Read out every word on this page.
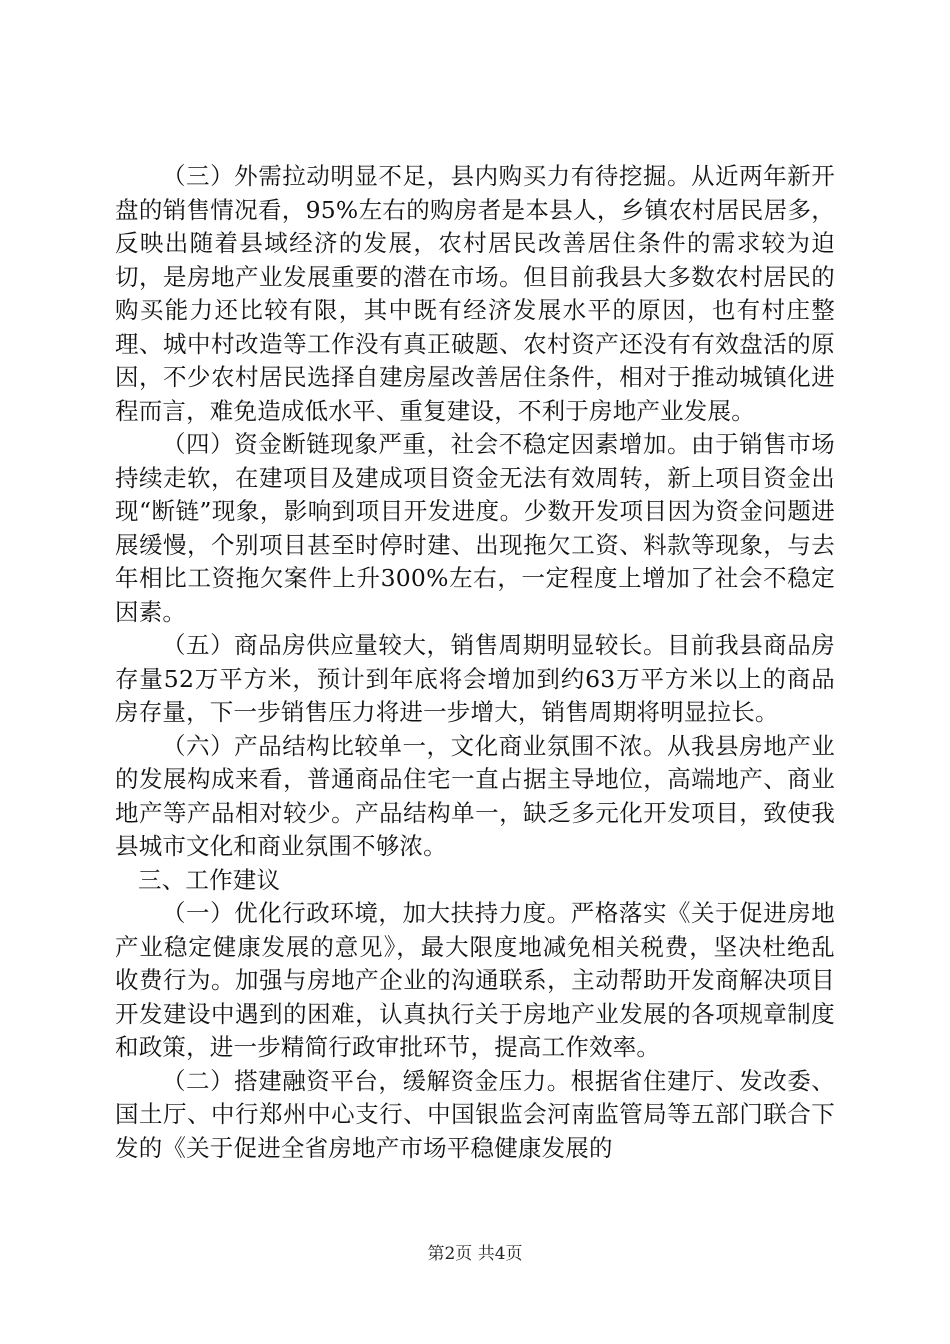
（三）外需拉动明显不足，县内购买力有待挖掘。从近两年新开盘的销售情况看，95%左右的购房者是本县人，乡镇农村居民居多，反映出随着县域经济的发展，农村居民改善居住条件的需求较为迫切，是房地产业发展重要的潜在市场。但目前我县大多数农村居民的购买能力还比较有限，其中既有经济发展水平的原因，也有村庄整理、城中村改造等工作没有真正破题、农村资产还没有有效盘活的原因，不少农村居民选择自建房屋改善居住条件，相对于推动城镇化进程而言，难免造成低水平、重复建设，不利于房地产业发展。

（四）资金断链现象严重，社会不稳定因素增加。由于销售市场持续走软，在建项目及建成项目资金无法有效周转，新上项目资金出现“断链”现象，影响到项目开发进度。少数开发项目因为资金问题进展缓慢，个别项目甚至时停时建、出现拖欠工资、料款等现象，与去年相比工资拖欠案件上升300%左右，一定程度上增加了社会不稳定因素。

（五）商品房供应量较大，销售周期明显较长。目前我县商品房存量52万平方米，预计到年底将会增加到约63万平方米以上的商品房存量，下一步销售压力将进一步增大，销售周期将明显拉长。

（六）产品结构比较单一，文化商业氛围不浓。从我县房地产业的发展构成来看，普通商品住宅一直占据主导地位，高端地产、商业地产等产品相对较少。产品结构单一，缺乏多元化开发项目，致使我县城市文化和商业氛围不够浓。

三、工作建议

（一）优化行政环境，加大扶持力度。严格落实《关于促进房地产业稳定健康发展的意见》，最大限度地减免相关税费，坚决杜绝乱收费行为。加强与房地产企业的沟通联系，主动帮助开发商解决项目开发建设中遇到的困难，认真执行关于房地产业发展的各项规章制度和政策，进一步精简行政审批环节，提高工作效率。

（二）搭建融资平台，缓解资金压力。根据省住建厅、发改委、国土厅、中行郑州中心支行、中国银监会河南监管局等五部门联合下发的《关于促进全省房地产市场平稳健康发展的

第2页 共4页
